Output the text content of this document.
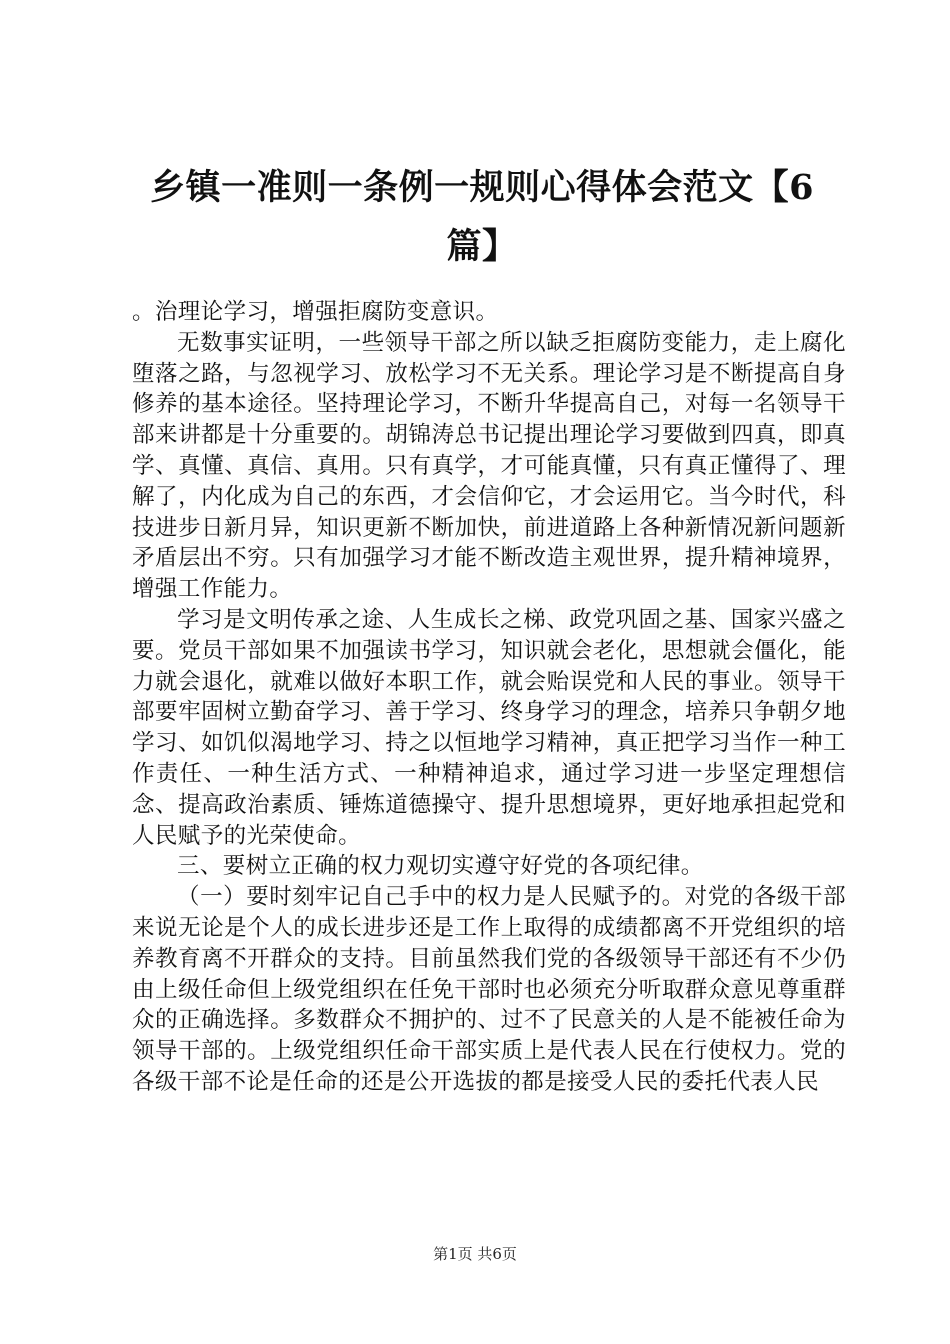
乡镇一准则一条例一规则心得体会范文【6篇】

。治理论学习，增强拒腐防变意识。

无数事实证明，一些领导干部之所以缺乏拒腐防变能力，走上腐化堕落之路，与忽视学习、放松学习不无关系。理论学习是不断提高自身修养的基本途径。坚持理论学习，不断升华提高自己，对每一名领导干部来讲都是十分重要的。胡锦涛总书记提出理论学习要做到四真，即真学、真懂、真信、真用。只有真学，才可能真懂，只有真正懂得了、理解了，内化成为自己的东西，才会信仰它，才会运用它。当今时代，科技进步日新月异，知识更新不断加快，前进道路上各种新情况新问题新矛盾层出不穷。只有加强学习才能不断改造主观世界，提升精神境界，增强工作能力。

学习是文明传承之途、人生成长之梯、政党巩固之基、国家兴盛之要。党员干部如果不加强读书学习，知识就会老化，思想就会僵化，能力就会退化，就难以做好本职工作，就会贻误党和人民的事业。领导干部要牢固树立勤奋学习、善于学习、终身学习的理念，培养只争朝夕地学习、如饥似渴地学习、持之以恒地学习精神，真正把学习当作一种工作责任、一种生活方式、一种精神追求，通过学习进一步坚定理想信念、提高政治素质、锤炼道德操守、提升思想境界，更好地承担起党和人民赋予的光荣使命。

三、要树立正确的权力观切实遵守好党的各项纪律。

（一）要时刻牢记自己手中的权力是人民赋予的。对党的各级干部来说无论是个人的成长进步还是工作上取得的成绩都离不开党组织的培养教育离不开群众的支持。目前虽然我们党的各级领导干部还有不少仍由上级任命但上级党组织在任免干部时也必须充分听取群众意见尊重群众的正确选择。多数群众不拥护的、过不了民意关的人是不能被任命为领导干部的。上级党组织任命干部实质上是代表人民在行使权力。党的各级干部不论是任命的还是公开选拔的都是接受人民的委托代表人民

第1页 共6页
